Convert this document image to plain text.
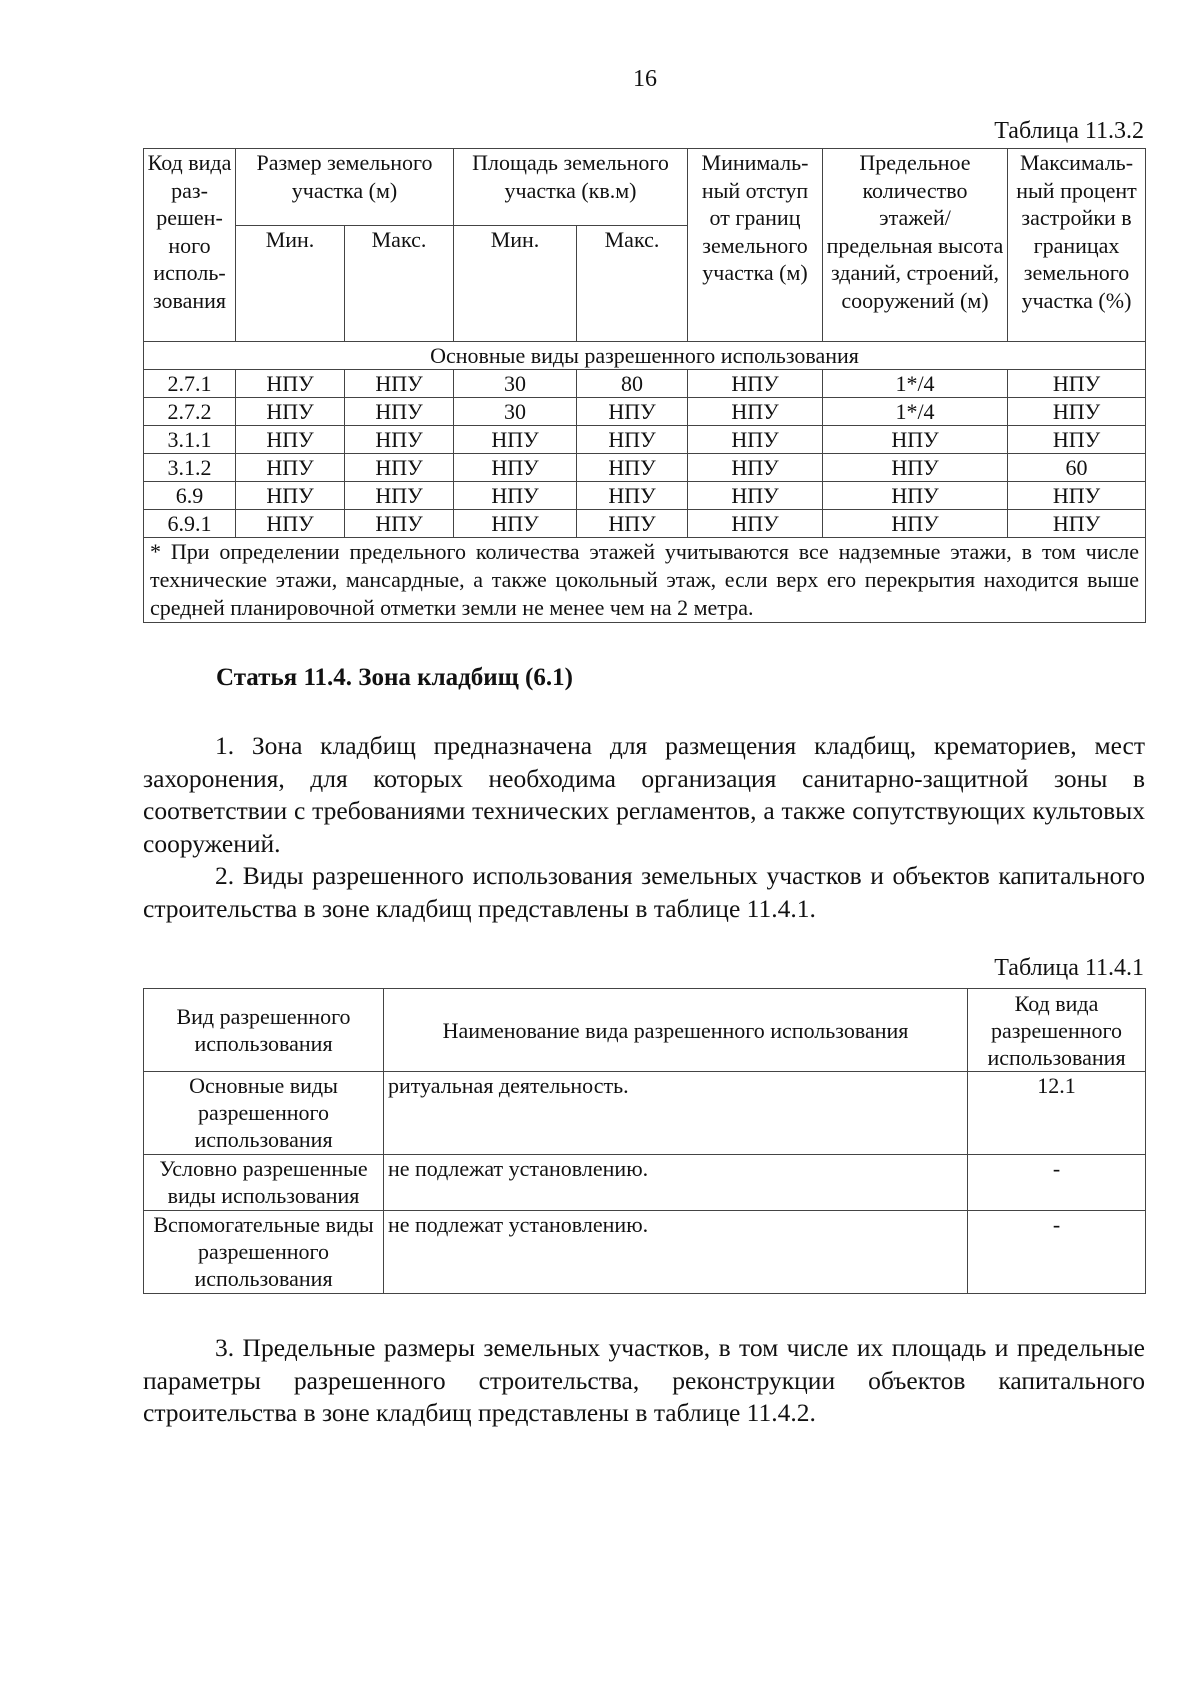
16
Таблица 11.3.2
Код вида раз-решен-ного исполь-зования	Размер земельного участка (м)		Площадь земельного участка (кв.м)		Минималь-ный отступ от границ земельного участка (м)	Предельное количество этажей/ предельная высота зданий, строений, сооружений (м)	Максималь-ный процент застройки в границах земельного участка (%)
	Мин.	Макс.	Мин.	Макс.			
Основные виды разрешенного использования							
2.7.1	НПУ	НПУ	30	80	НПУ	1*/4	НПУ
2.7.2	НПУ	НПУ	30	НПУ	НПУ	1*/4	НПУ
3.1.1	НПУ	НПУ	НПУ	НПУ	НПУ	НПУ	НПУ
3.1.2	НПУ	НПУ	НПУ	НПУ	НПУ	НПУ	60
6.9	НПУ	НПУ	НПУ	НПУ	НПУ	НПУ	НПУ
6.9.1	НПУ	НПУ	НПУ	НПУ	НПУ	НПУ	НПУ
* При определении предельного количества этажей учитываются все надземные этажи, в том числе технические этажи, мансардные, а также цокольный этаж, если верх его перекрытия находится выше средней планировочной отметки земли не менее чем на 2 метра.							
Статья 11.4. Зона кладбищ (6.1)

1. Зона кладбищ предназначена для размещения кладбищ, крематориев, мест захоронения, для которых необходима организация санитарно-защитной зоны в соответствии с требованиями технических регламентов, а также сопутствующих культовых сооружений.

2. Виды разрешенного использования земельных участков и объектов капитального строительства в зоне кладбищ представлены в таблице 11.4.1.

Таблица 11.4.1
Вид разрешенного использования	Наименование вида разрешенного использования	Код вида разрешенного использования
Основные виды разрешенного использования	ритуальная деятельность.	12.1
Условно разрешенные виды использования	не подлежат установлению.	-
Вспомогательные виды разрешенного использования	не подлежат установлению.	-

3. Предельные размеры земельных участков, в том числе их площадь и предельные параметры разрешенного строительства, реконструкции объектов капитального строительства в зоне кладбищ представлены в таблице 11.4.2.
